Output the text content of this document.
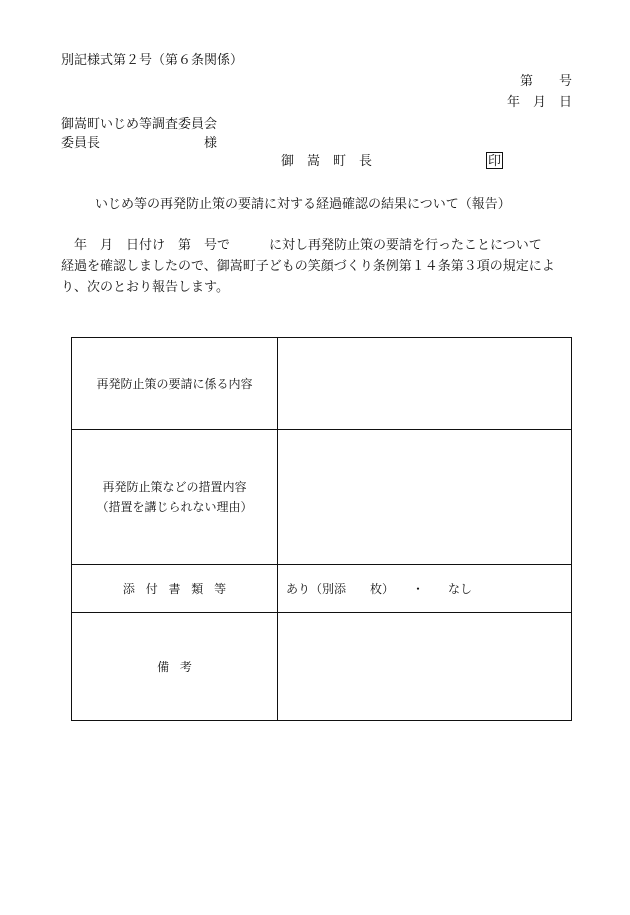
別記様式第２号（第６条関係）
第　　号
年　月　日
御嵩町いじめ等調査委員会
委員長　　　　　　　　様
御　嵩　町　長	印
いじめ等の再発防止策の要請に対する経過確認の結果について（報告）
　年　月　日付け　第　号で　　　に対し再発防止策の要請を行ったことについて
経過を確認しましたので、御嵩町子どもの笑顔づくり条例第１４条第３項の規定によ
り、次のとおり報告します。
再発防止策の要請に係る内容	

再発防止策などの措置内容
（措置を講じられない理由）	

添付書類等	あり（別添　　枚）　　・　　なし
備考	
